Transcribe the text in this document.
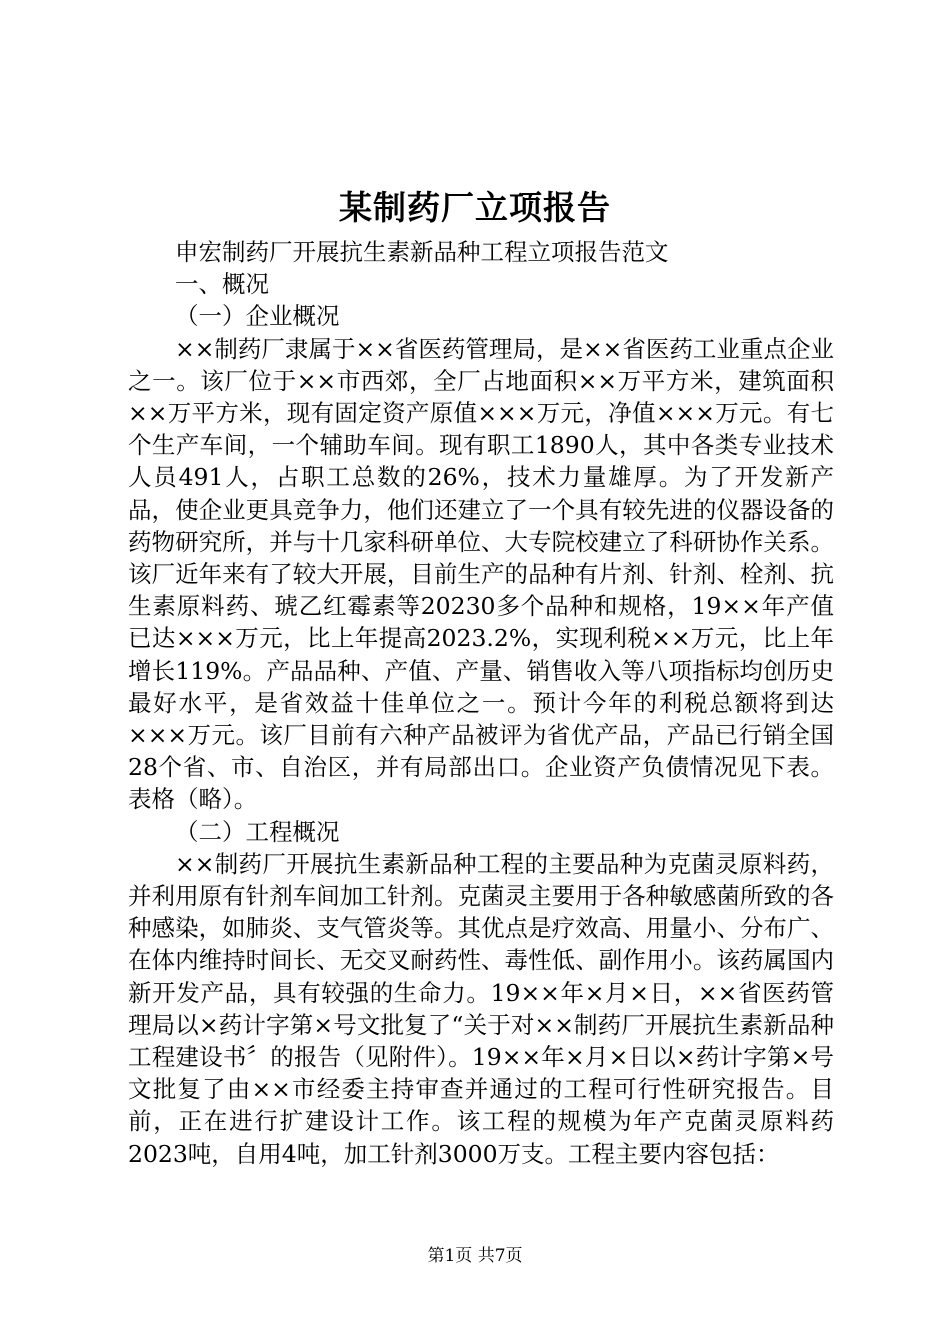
某制药厂立项报告

申宏制药厂开展抗生素新品种工程立项报告范文

一、概况

（一）企业概况

××制药厂隶属于××省医药管理局，是××省医药工业重点企业之一。该厂位于××市西郊，全厂占地面积××万平方米，建筑面积××万平方米，现有固定资产原值×××万元，净值×××万元。有七个生产车间，一个辅助车间。现有职工1890人，其中各类专业技术人员491人，占职工总数的26%，技术力量雄厚。为了开发新产品，使企业更具竞争力，他们还建立了一个具有较先进的仪器设备的药物研究所，并与十几家科研单位、大专院校建立了科研协作关系。该厂近年来有了较大开展，目前生产的品种有片剂、针剂、栓剂、抗生素原料药、琥乙红霉素等20230多个品种和规格，19××年产值已达×××万元，比上年提高2023.2%，实现利税××万元，比上年增长119%。产品品种、产值、产量、销售收入等八项指标均创历史最好水平，是省效益十佳单位之一。预计今年的利税总额将到达×××万元。该厂目前有六种产品被评为省优产品，产品已行销全国28个省、市、自治区，并有局部出口。企业资产负债情况见下表。表格（略）。

（二）工程概况

××制药厂开展抗生素新品种工程的主要品种为克菌灵原料药，并利用原有针剂车间加工针剂。克菌灵主要用于各种敏感菌所致的各种感染，如肺炎、支气管炎等。其优点是疗效高、用量小、分布广、在体内维持时间长、无交叉耐药性、毒性低、副作用小。该药属国内新开发产品，具有较强的生命力。19××年×月×日，××省医药管理局以×药计字第×号文批复了“关于对××制药厂开展抗生素新品种工程建设书〞的报告（见附件）。19××年×月×日以×药计字第×号文批复了由××市经委主持审查并通过的工程可行性研究报告。目前，正在进行扩建设计工作。该工程的规模为年产克菌灵原料药2023吨，自用4吨，加工针剂3000万支。工程主要内容包括：

第1页 共7页
